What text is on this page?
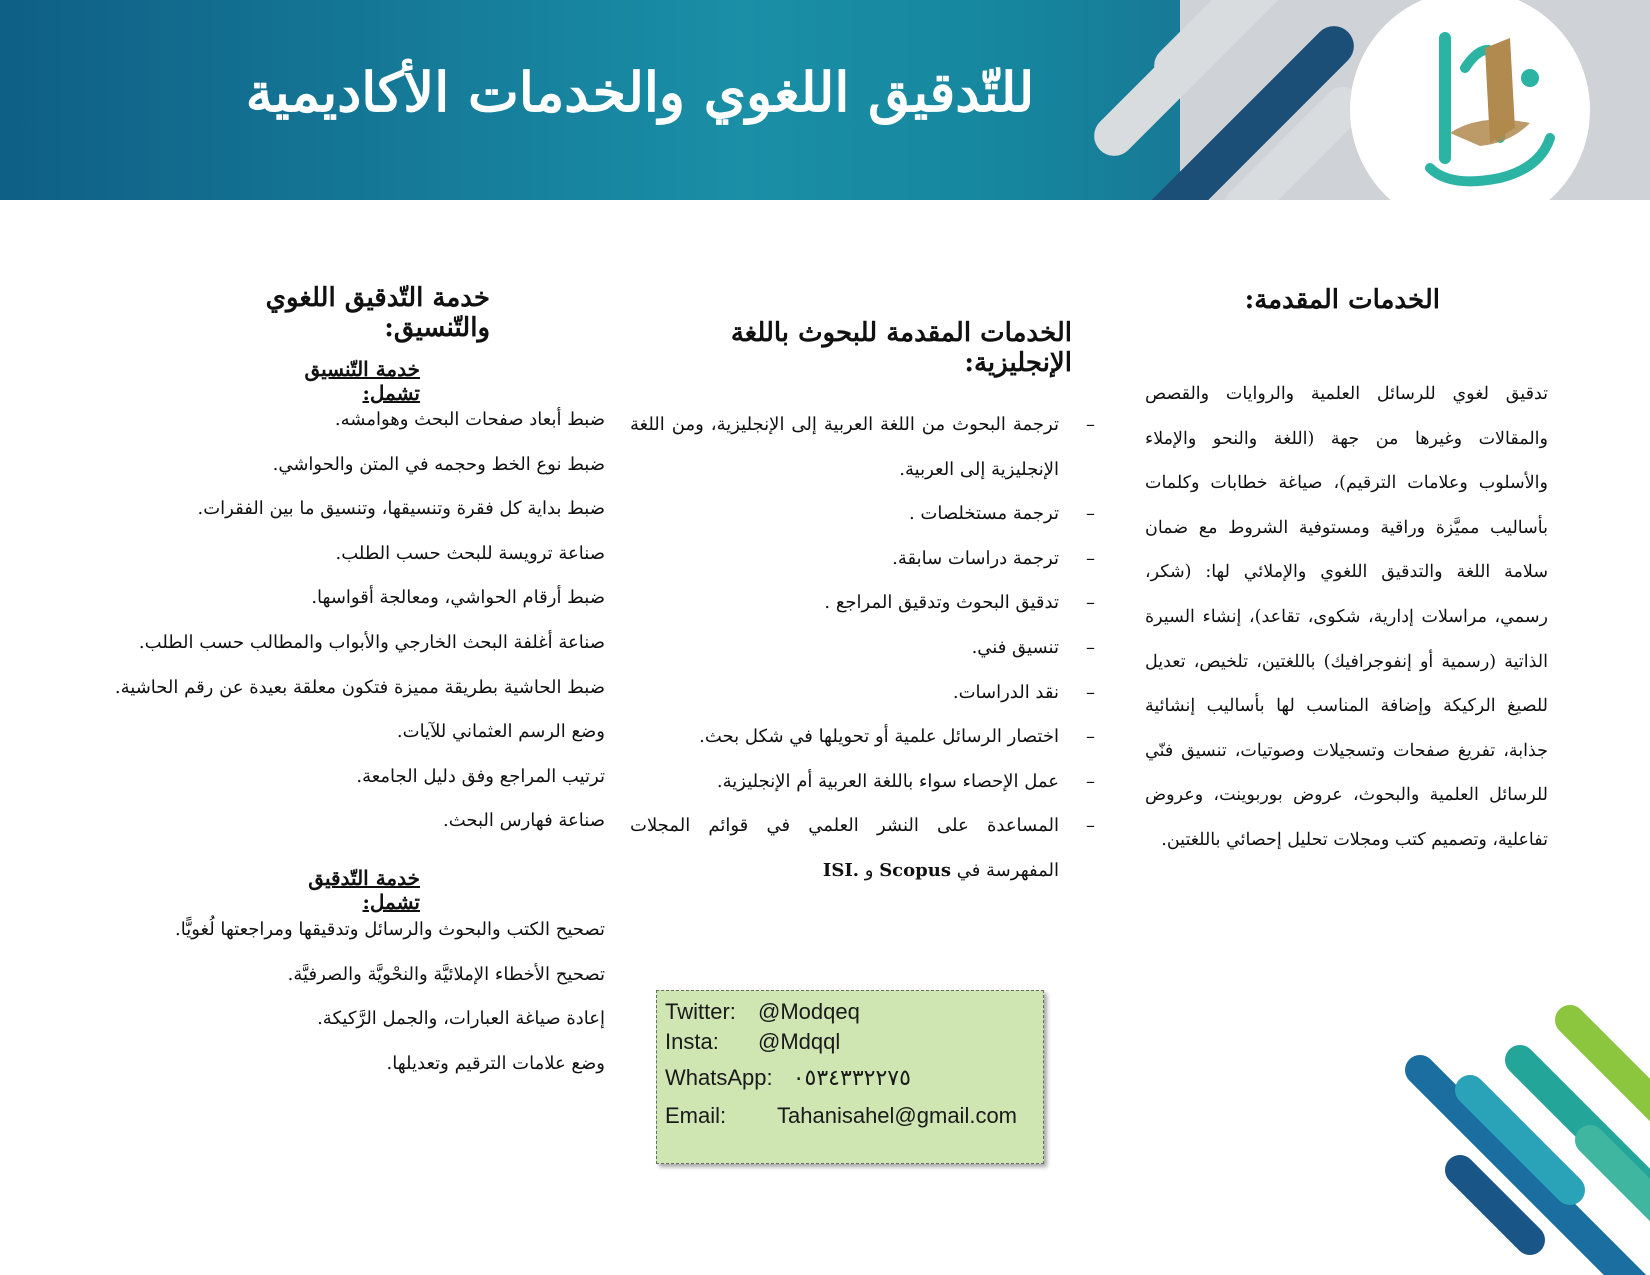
للتّدقيق اللغوي والخدمات الأكاديمية
الخدمات المقدمة:
تدقيق لغوي للرسائل العلمية والروايات والقصص والمقالات وغيرها من جهة (اللغة والنحو والإملاء والأسلوب وعلامات الترقيم)، صياغة خطابات وكلمات بأساليب مميَّزة وراقية ومستوفية الشروط مع ضمان سلامة اللغة والتدقيق اللغوي والإملائي لها: (شكر، رسمي، مراسلات إدارية، شكوى، تقاعد)، إنشاء السيرة الذاتية (رسمية أو إنفوجرافيك) باللغتين، تلخيص، تعديل للصيغ الركيكة وإضافة المناسب لها بأساليب إنشائية جذابة، تفريغ صفحات وتسجيلات وصوتيات، تنسيق فنّي للرسائل العلمية والبحوث، عروض بوربوينت، وعروض تفاعلية، وتصميم كتب ومجلات تحليل إحصائي باللغتين.
الخدمات المقدمة للبحوث باللغة الإنجليزية:
–
ترجمة البحوث من اللغة العربية إلى الإنجليزية، ومن اللغة الإنجليزية إلى العربية.
–
ترجمة مستخلصات .
–
ترجمة دراسات سابقة.
–
تدقيق البحوث وتدقيق المراجع .
–
تنسيق فني.
–
نقد الدراسات.
–
اختصار الرسائل علمية أو تحويلها في شكل بحث.
–
عمل الإحصاء سواء باللغة العربية أم الإنجليزية.
–
المساعدة على النشر العلمي في قوائم المجلات المفهرسة في Scopus و ISI.
خدمة التّدقيق اللغوي والتّنسيق:
خدمة التّنسيق تشمل:
ضبط أبعاد صفحات البحث وهوامشه.
ضبط نوع الخط وحجمه في المتن والحواشي.
ضبط بداية كل فقرة وتنسيقها، وتنسيق ما بين الفقرات.
صناعة ترويسة للبحث حسب الطلب.
ضبط أرقام الحواشي، ومعالجة أقواسها.
صناعة أغلفة البحث الخارجي والأبواب والمطالب حسب الطلب.
ضبط الحاشية بطريقة مميزة فتكون معلقة بعيدة عن رقم الحاشية.
وضع الرسم العثماني للآيات.
ترتيب المراجع وفق دليل الجامعة.
صناعة فهارس البحث.
خدمة التّدقيق تشمل:
تصحيح الكتب والبحوث والرسائل وتدقيقها ومراجعتها لُغويًّا.
تصحيح الأخطاء الإملائيَّة والنحْويَّة والصرفيَّة.
إعادة صياغة العبارات، والجمل الرَّكيكة.
وضع علامات الترقيم وتعديلها.
Twitter: @Modqeq
Insta: @Mdqql
WhatsApp: ٠٥٣٤٣٣٢٢٧٥
Email: Tahanisahel@gmail.com
